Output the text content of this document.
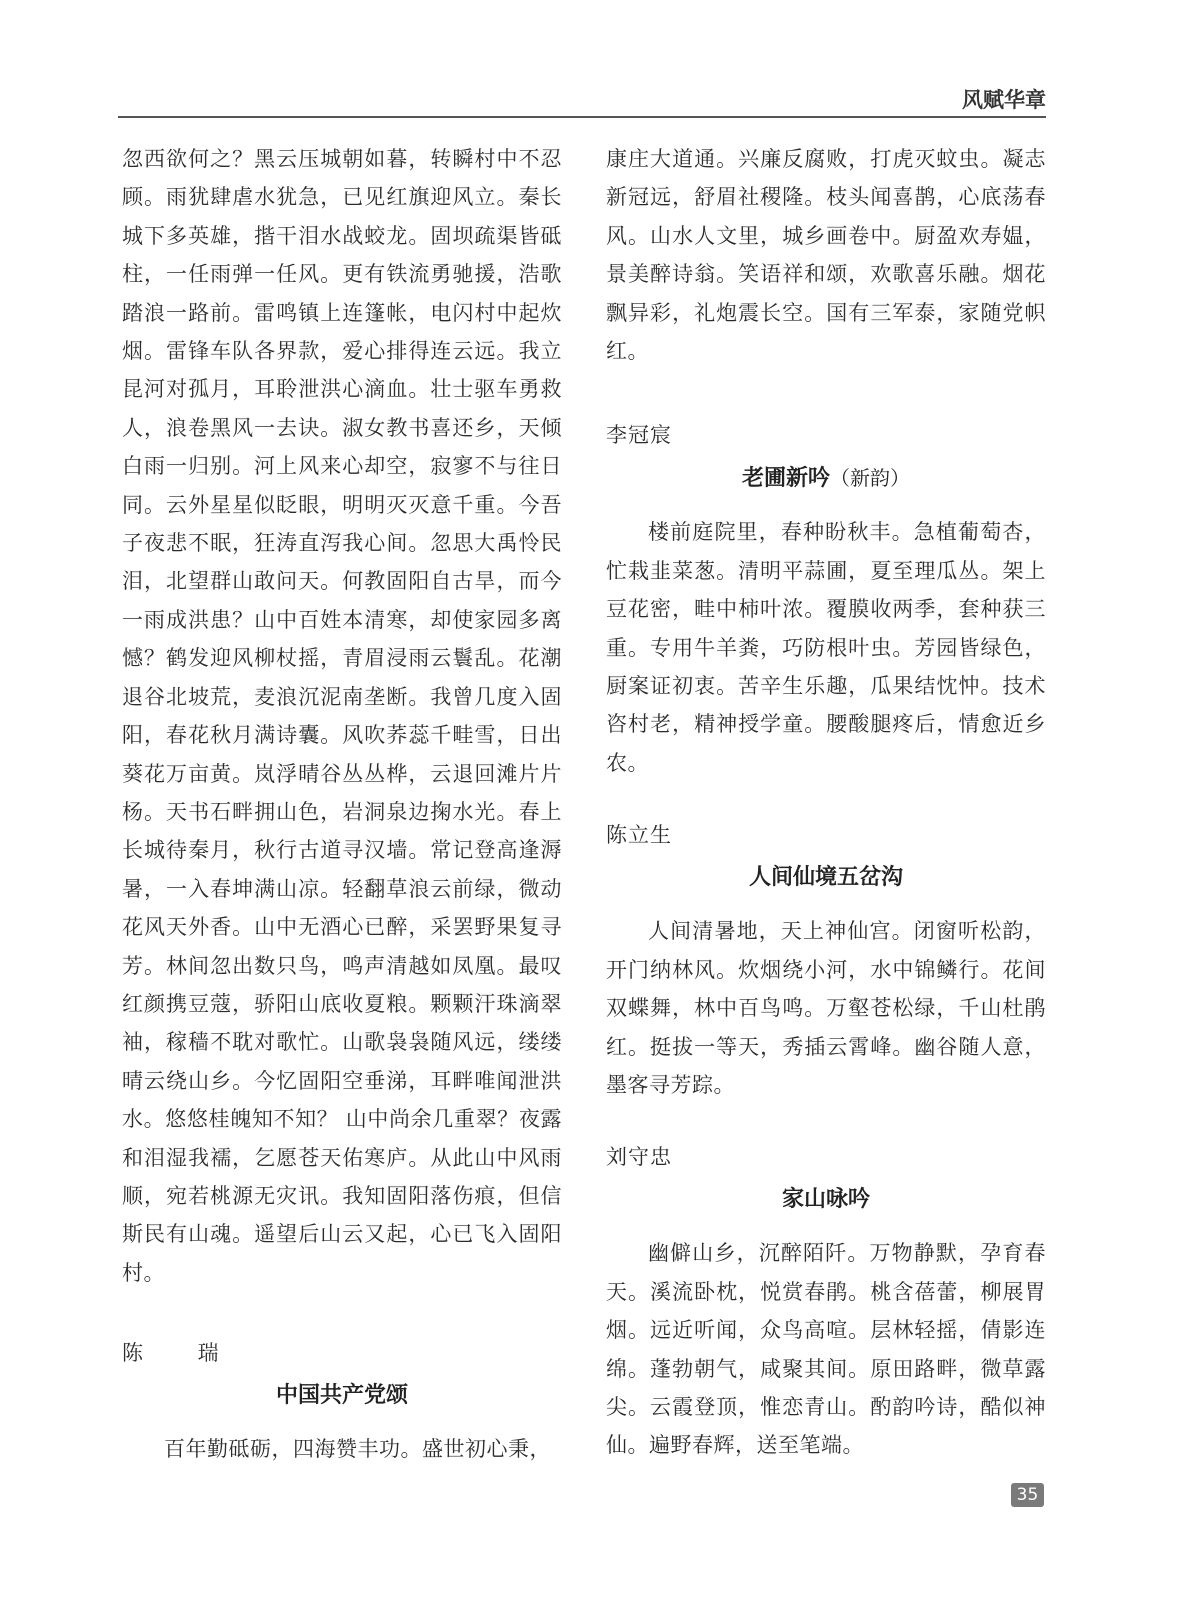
风赋华章

忽西欲何之？黑云压城朝如暮，转瞬村中不忍顾。雨犹肆虐水犹急，已见红旗迎风立。秦长城下多英雄，揩干泪水战蛟龙。固坝疏渠皆砥柱，一任雨弹一任风。更有铁流勇驰援，浩歌踏浪一路前。雷鸣镇上连篷帐，电闪村中起炊烟。雷锋车队各界款，爱心排得连云远。我立昆河对孤月，耳聆泄洪心滴血。壮士驱车勇救人，浪卷黑风一去诀。淑女教书喜还乡，天倾白雨一归别。河上风来心却空，寂寥不与往日同。云外星星似眨眼，明明灭灭意千重。今吾子夜悲不眠，狂涛直泻我心间。忽思大禹怜民泪，北望群山敢问天。何教固阳自古旱，而今一雨成洪患？山中百姓本清寒，却使家园多离憾？鹤发迎风柳杖摇，青眉浸雨云鬟乱。花潮退谷北坡荒，麦浪沉泥南垄断。我曾几度入固阳，春花秋月满诗囊。风吹荞蕊千畦雪，日出葵花万亩黄。岚浮晴谷丛丛桦，云退回滩片片杨。天书石畔拥山色，岩洞泉边掬水光。春上长城待秦月，秋行古道寻汉墙。常记登高逢溽暑，一入春坤满山凉。轻翻草浪云前绿，微动花风天外香。山中无酒心已醉，采罢野果复寻芳。林间忽出数只鸟，鸣声清越如凤凰。最叹红颜携豆蔻，骄阳山底收夏粮。颗颗汗珠滴翠袖，稼穑不耽对歌忙。山歌袅袅随风远，缕缕晴云绕山乡。今忆固阳空垂涕，耳畔唯闻泄洪水。悠悠桂魄知不知？ 山中尚余几重翠？夜露和泪湿我襦，乞愿苍天佑寒庐。从此山中风雨顺，宛若桃源无灾讯。我知固阳落伤痕，但信斯民有山魂。遥望后山云又起，心已飞入固阳村。

陈 瑞

中国共产党颂

百年勤砥砺，四海赞丰功。盛世初心秉，

康庄大道通。兴廉反腐败，打虎灭蚊虫。凝志新冠远，舒眉社稷隆。枝头闻喜鹊，心底荡春风。山水人文里，城乡画卷中。厨盈欢寿媪，景美醉诗翁。笑语祥和颂，欢歌喜乐融。烟花飘异彩，礼炮震长空。国有三军泰，家随党帜红。

李冠宸

老圃新吟（新韵）

楼前庭院里，春种盼秋丰。急植葡萄杏，忙栽韭菜葱。清明平蒜圃，夏至理瓜丛。架上豆花密，畦中柿叶浓。覆膜收两季，套种获三重。专用牛羊粪，巧防根叶虫。芳园皆绿色，厨案证初衷。苦辛生乐趣，瓜果结忱忡。技术咨村老，精神授学童。腰酸腿疼后，情愈近乡农。

陈立生

人间仙境五岔沟

人间清暑地，天上神仙宫。闭窗听松韵，开门纳林风。炊烟绕小河，水中锦鳞行。花间双蝶舞，林中百鸟鸣。万壑苍松绿，千山杜鹃红。挺拔一等天，秀插云霄峰。幽谷随人意，墨客寻芳踪。

刘守忠

家山咏吟

幽僻山乡，沉醉陌阡。万物静默，孕育春天。溪流卧枕，悦赏春鹃。桃含蓓蕾，柳展胃烟。远近听闻，众鸟高喧。层林轻摇，倩影连绵。蓬勃朝气，咸聚其间。原田路畔，微草露尖。云霞登顶，惟恋青山。酌韵吟诗，酷似神仙。遍野春辉，送至笔端。

35
